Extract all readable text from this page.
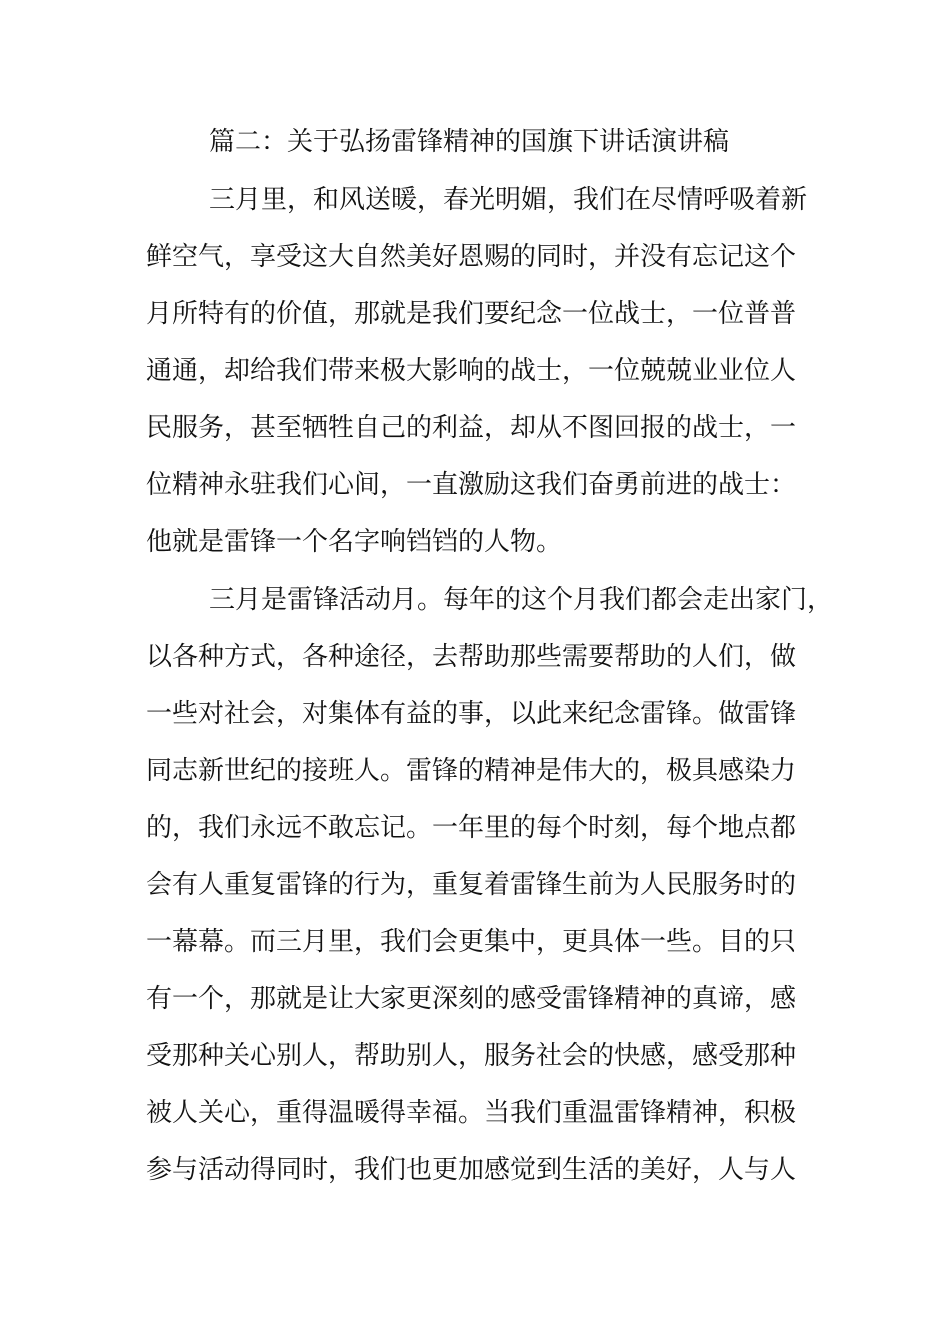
篇二：关于弘扬雷锋精神的国旗下讲话演讲稿
三月里，和风送暖，春光明媚，我们在尽情呼吸着新
鲜空气，享受这大自然美好恩赐的同时，并没有忘记这个
月所特有的价值，那就是我们要纪念一位战士，一位普普
通通，却给我们带来极大影响的战士，一位兢兢业业位人
民服务，甚至牺牲自己的利益，却从不图回报的战士，一
位精神永驻我们心间，一直激励这我们奋勇前进的战士：
他就是雷锋一个名字响铛铛的人物。
三月是雷锋活动月。每年的这个月我们都会走出家门，
以各种方式，各种途径，去帮助那些需要帮助的人们，做
一些对社会，对集体有益的事，以此来纪念雷锋。做雷锋
同志新世纪的接班人。雷锋的精神是伟大的，极具感染力
的，我们永远不敢忘记。一年里的每个时刻，每个地点都
会有人重复雷锋的行为，重复着雷锋生前为人民服务时的
一幕幕。而三月里，我们会更集中，更具体一些。目的只
有一个，那就是让大家更深刻的感受雷锋精神的真谛，感
受那种关心别人，帮助别人，服务社会的快感，感受那种
被人关心，重得温暖得幸福。当我们重温雷锋精神，积极
参与活动得同时，我们也更加感觉到生活的美好，人与人
